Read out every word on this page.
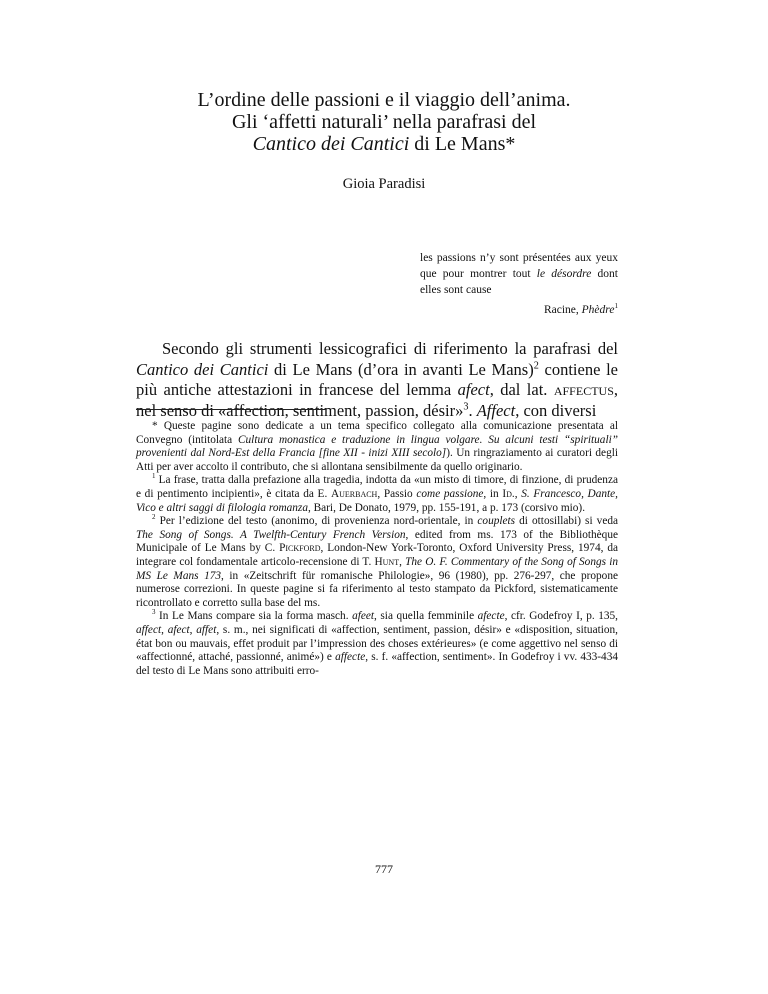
L’ordine delle passioni e il viaggio dell’anima.
Gli ‘affetti naturali’ nella parafrasi del
Cantico dei Cantici di Le Mans*
Gioia Paradisi
les passions n’y sont présentées aux yeux que pour montrer tout le désordre dont elles sont cause
Racine, Phèdre$^1$

Secondo gli strumenti lessicografici di riferimento la parafrasi del Cantico dei Cantici di Le Mans (d’ora in avanti Le Mans)$^2$ contiene le più antiche attestazioni in francese del lemma afect, dal lat. affectus, nel senso di «affection, sentiment, passion, désir»$^3$. Affect, con diversi

* Queste pagine sono dedicate a un tema specifico collegato alla comunicazione presentata al Convegno (intitolata Cultura monastica e traduzione in lingua volgare. Su alcuni testi “spirituali” provenienti dal Nord-Est della Francia [fine XII - inizi XIII secolo]). Un ringraziamento ai curatori degli Atti per aver accolto il contributo, che si allontana sensibilmente da quello originario.

$^1$ La frase, tratta dalla prefazione alla tragedia, indotta da «un misto di timore, di finzione, di prudenza e di pentimento incipienti», è citata da E. Auerbach, Passio come passione, in Id., S. Francesco, Dante, Vico e altri saggi di filologia romanza, Bari, De Donato, 1979, pp. 155-191, a p. 173 (corsivo mio).

$^2$ Per l’edizione del testo (anonimo, di provenienza nord-orientale, in couplets di ottosillabi) si veda The Song of Songs. A Twelfth-Century French Version, edited from ms. 173 of the Bibliothèque Municipale of Le Mans by C. Pickford, London-New York-Toronto, Oxford University Press, 1974, da integrare col fondamentale articolo-recensione di T. Hunt, The O. F. Commentary of the Song of Songs in MS Le Mans 173, in «Zeitschrift für romanische Philologie», 96 (1980), pp. 276-297, che propone numerose correzioni. In queste pagine si fa riferimento al testo stampato da Pickford, sistematicamente ricontrollato e corretto sulla base del ms.

$^3$ In Le Mans compare sia la forma masch. afeet, sia quella femminile afecte, cfr. Godefroy I, p. 135, affect, afect, affet, s. m., nei significati di «affection, sentiment, passion, désir» e «disposition, situation, état bon ou mauvais, effet produit par l’impression des choses extérieures» (e come aggettivo nel senso di «affectionné, attaché, passionné, animé») e affecte, s. f. «affection, sentiment». In Godefroy i vv. 433-434 del testo di Le Mans sono attribuiti erro-

777
